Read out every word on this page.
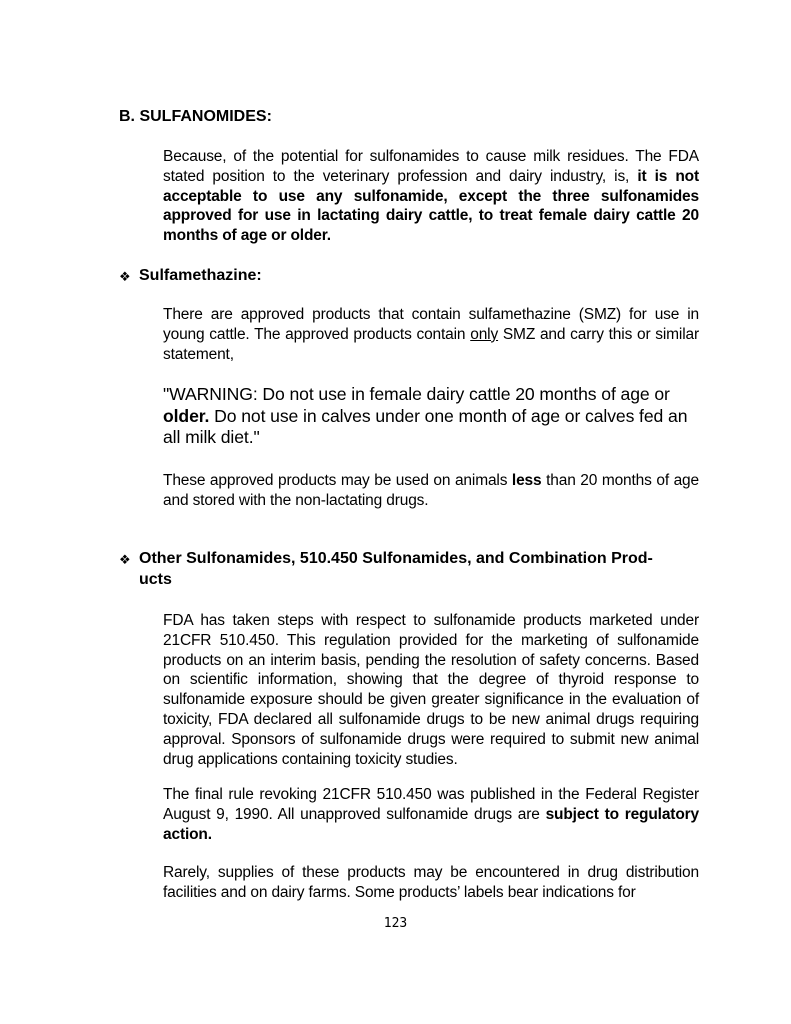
B. SULFANOMIDES:

Because, of the potential for sulfonamides to cause milk residues. The FDA stated position to the veterinary profession and dairy industry, is, it is not acceptable to use any sulfonamide, except the three sulfonamides approved for use in lactating dairy cattle, to treat female dairy cattle 20 months of age or older.

❖ Sulfamethazine:

There are approved products that contain sulfamethazine (SMZ) for use in young cattle. The approved products contain only SMZ and carry this or similar statement,

"WARNING: Do not use in female dairy cattle 20 months of age or older. Do not use in calves under one month of age or calves fed an all milk diet."

These approved products may be used on animals less than 20 months of age and stored with the non-lactating drugs.

❖ Other Sulfonamides, 510.450 Sulfonamides, and Combination Prod-
ucts

FDA has taken steps with respect to sulfonamide products marketed under 21CFR 510.450. This regulation provided for the marketing of sulfonamide products on an interim basis, pending the resolution of safety concerns. Based on scientific information, showing that the degree of thyroid response to sulfonamide exposure should be given greater significance in the evaluation of toxicity, FDA declared all sulfonamide drugs to be new animal drugs requiring approval. Sponsors of sulfonamide drugs were required to submit new animal drug applications containing toxicity studies.

The final rule revoking 21CFR 510.450 was published in the Federal Register August 9, 1990. All unapproved sulfonamide drugs are subject to regulatory action.

Rarely, supplies of these products may be encountered in drug distribution facilities and on dairy farms. Some products’ labels bear indications for

123
